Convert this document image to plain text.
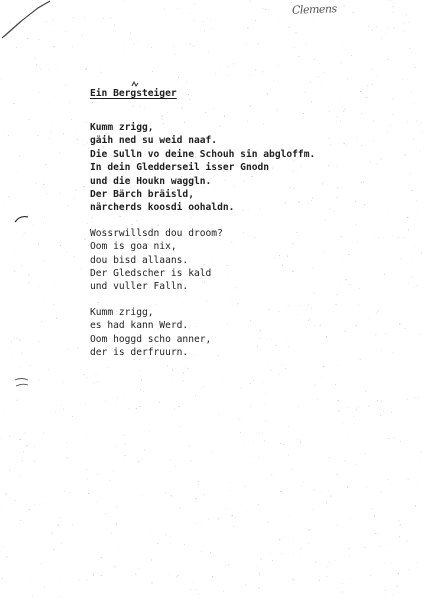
Clemens

Ein Bergsteiger

Kumm zrigg,

gäih ned su weid naaf.

Die Sulln vo deine Schouh sin abgloffm.

In dein Gledderseil isser Gnodn

und die Houkn waggln.

Der Bärch bräisld,

närcherds koosdi oohaldn.

Wossrwillsdn dou droom?

Oom is goa nix,

dou bisd allaans.

Der Gledscher is kald

und vuller Falln.

Kumm zrigg,

es had kann Werd.

Oom hoggd scho anner,

der is derfruurn.
